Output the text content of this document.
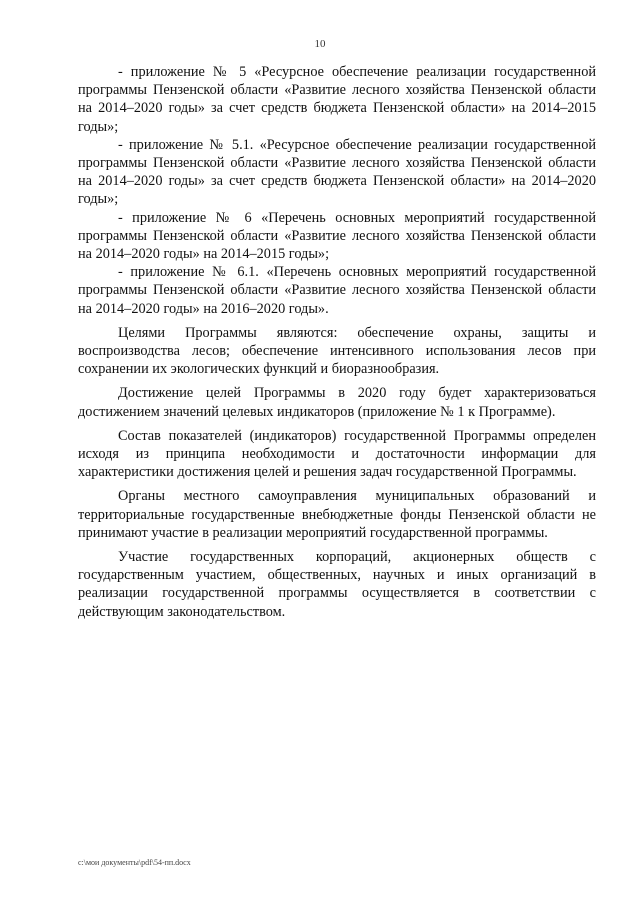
10

- приложение № 5 «Ресурсное обеспечение реализации государственной программы Пензенской области «Развитие лесного хозяйства Пензенской области на 2014–2020 годы» за счет средств бюджета Пензенской области» на 2014–2015 годы»;

- приложение № 5.1. «Ресурсное обеспечение реализации государственной программы Пензенской области «Развитие лесного хозяйства Пензенской области на 2014–2020 годы» за счет средств бюджета Пензенской области» на 2014–2020 годы»;

- приложение № 6 «Перечень основных мероприятий государственной программы Пензенской области «Развитие лесного хозяйства Пензенской области на 2014–2020 годы» на 2014–2015 годы»;

- приложение № 6.1. «Перечень основных мероприятий государственной программы Пензенской области «Развитие лесного хозяйства Пензенской области на 2014–2020 годы» на 2016–2020 годы».

Целями Программы являются: обеспечение охраны, защиты и воспроизводства лесов; обеспечение интенсивного использования лесов при сохранении их экологических функций и биоразнообразия.

Достижение целей Программы в 2020 году будет характеризоваться достижением значений целевых индикаторов (приложение № 1 к Программе).

Состав показателей (индикаторов) государственной Программы определен исходя из принципа необходимости и достаточности информации для характеристики достижения целей и решения задач государственной Программы.

Органы местного самоуправления муниципальных образований и территориальные государственные внебюджетные фонды Пензенской области не принимают участие в реализации мероприятий государственной программы.

Участие государственных корпораций, акционерных обществ с государственным участием, общественных, научных и иных организаций в реализации государственной программы осуществляется в соответствии с действующим законодательством.

c:\мои документы\pdf\54-пп.docx
